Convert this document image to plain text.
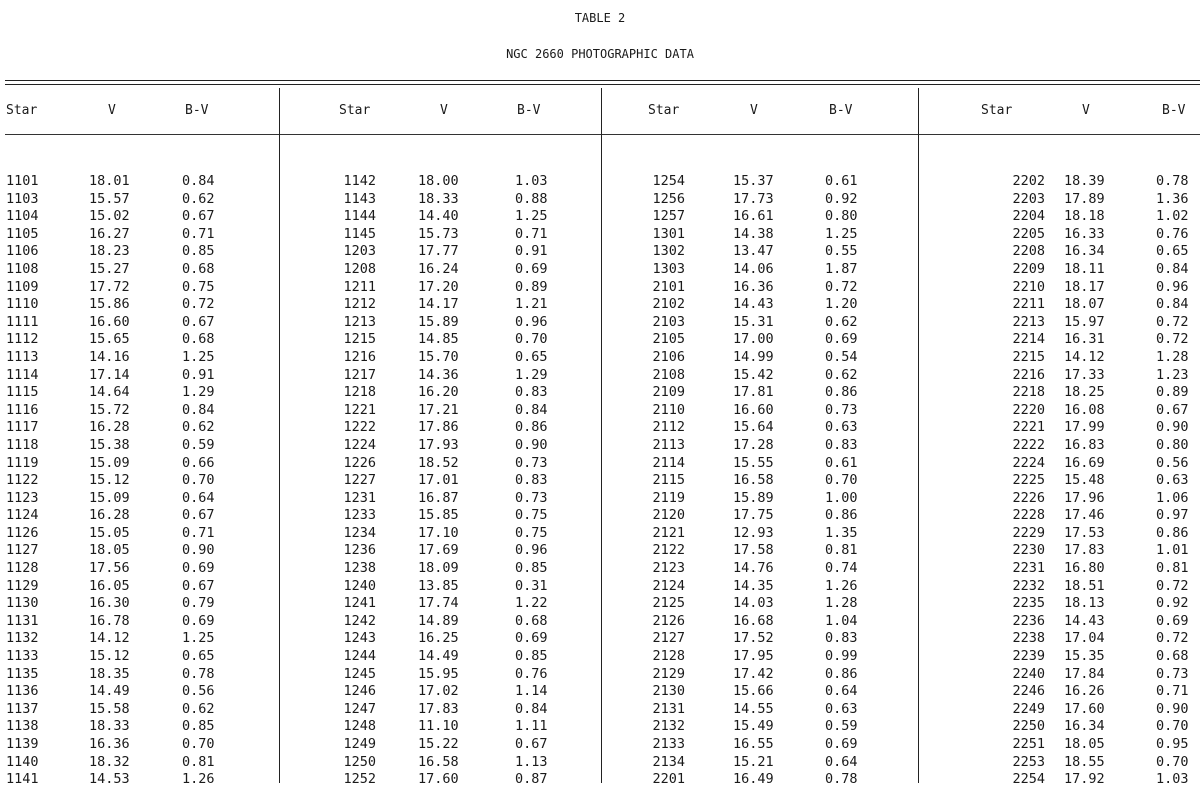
TABLE 2
NGC 2660 PHOTOGRAPHIC DATA
Star	V	B-V
1101	18.01	0.84
1103	15.57	0.62
1104	15.02	0.67
1105	16.27	0.71
1106	18.23	0.85
1108	15.27	0.68
1109	17.72	0.75
1110	15.86	0.72
1111	16.60	0.67
1112	15.65	0.68
1113	14.16	1.25
1114	17.14	0.91
1115	14.64	1.29
1116	15.72	0.84
1117	16.28	0.62
1118	15.38	0.59
1119	15.09	0.66
1122	15.12	0.70
1123	15.09	0.64
1124	16.28	0.67
1126	15.05	0.71
1127	18.05	0.90
1128	17.56	0.69
1129	16.05	0.67
1130	16.30	0.79
1131	16.78	0.69
1132	14.12	1.25
1133	15.12	0.65
1135	18.35	0.78
1136	14.49	0.56
1137	15.58	0.62
1138	18.33	0.85
1139	16.36	0.70
1140	18.32	0.81
1141	14.53	1.26
Star	V	B-V
1142	18.00	1.03
1143	18.33	0.88
1144	14.40	1.25
1145	15.73	0.71
1203	17.77	0.91
1208	16.24	0.69
1211	17.20	0.89
1212	14.17	1.21
1213	15.89	0.96
1215	14.85	0.70
1216	15.70	0.65
1217	14.36	1.29
1218	16.20	0.83
1221	17.21	0.84
1222	17.86	0.86
1224	17.93	0.90
1226	18.52	0.73
1227	17.01	0.83
1231	16.87	0.73
1233	15.85	0.75
1234	17.10	0.75
1236	17.69	0.96
1238	18.09	0.85
1240	13.85	0.31
1241	17.74	1.22
1242	14.89	0.68
1243	16.25	0.69
1244	14.49	0.85
1245	15.95	0.76
1246	17.02	1.14
1247	17.83	0.84
1248	11.10	1.11
1249	15.22	0.67
1250	16.58	1.13
1252	17.60	0.87
Star	V	B-V
1254	15.37	0.61
1256	17.73	0.92
1257	16.61	0.80
1301	14.38	1.25
1302	13.47	0.55
1303	14.06	1.87
2101	16.36	0.72
2102	14.43	1.20
2103	15.31	0.62
2105	17.00	0.69
2106	14.99	0.54
2108	15.42	0.62
2109	17.81	0.86
2110	16.60	0.73
2112	15.64	0.63
2113	17.28	0.83
2114	15.55	0.61
2115	16.58	0.70
2119	15.89	1.00
2120	17.75	0.86
2121	12.93	1.35
2122	17.58	0.81
2123	14.76	0.74
2124	14.35	1.26
2125	14.03	1.28
2126	16.68	1.04
2127	17.52	0.83
2128	17.95	0.99
2129	17.42	0.86
2130	15.66	0.64
2131	14.55	0.63
2132	15.49	0.59
2133	16.55	0.69
2134	15.21	0.64
2201	16.49	0.78
Star	V	B-V
2202 18.39	0.78
2203 17.89	1.36
2204 18.18	1.02
2205 16.33	0.76
2208 16.34	0.65
2209 18.11	0.84
2210 18.17	0.96
2211 18.07	0.84
2213 15.97	0.72
2214 16.31	0.72
2215 14.12	1.28
2216 17.33	1.23
2218 18.25	0.89
2220 16.08	0.67
2221 17.99	0.90
2222 16.83	0.80
2224 16.69	0.56
2225 15.48	0.63
2226 17.96	1.06
2228 17.46	0.97
2229 17.53	0.86
2230 17.83	1.01
2231 16.80	0.81
2232 18.51	0.72
2235 18.13	0.92
2236 14.43	0.69
2238 17.04	0.72
2239 15.35	0.68
2240 17.84	0.73
2246 16.26	0.71
2249 17.60	0.90
2250 16.34	0.70
2251 18.05	0.95
2253 18.55	0.70
2254 17.92	1.03
